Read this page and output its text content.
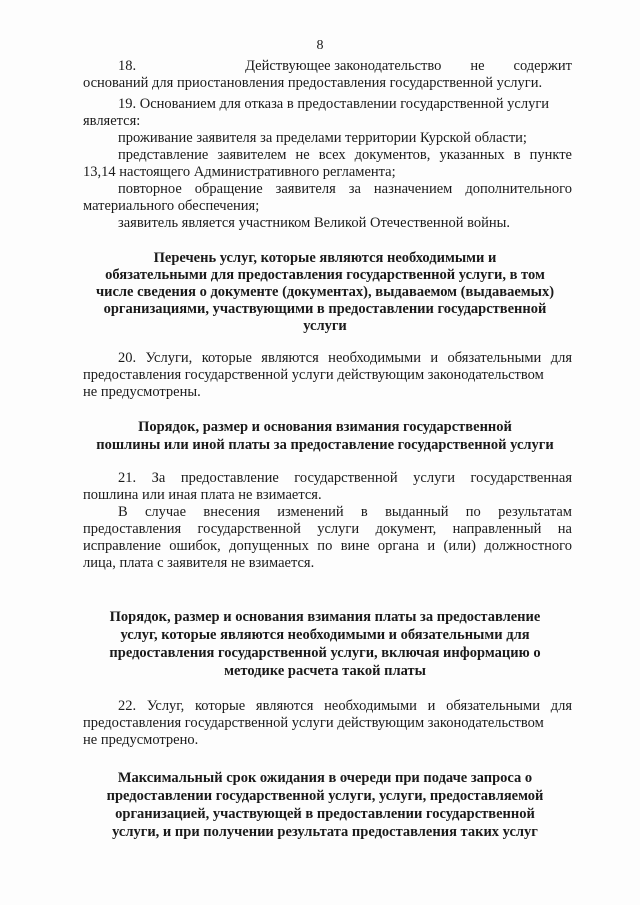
8
18.	Действующее законодательство не содержит
оснований для приостановления предоставления государственной услуги.
19. Основанием для отказа в предоставлении государственной услуги
является:
проживание заявителя за пределами территории Курской области;
представление заявителем не всех документов, указанных в пункте
13,14 настоящего Административного регламента;
повторное обращение заявителя за назначением дополнительного
материального обеспечения;
заявитель является участником Великой Отечественной войны.
Перечень услуг, которые являются необходимыми и
обязательными для предоставления государственной услуги, в том
числе сведения о документе (документах), выдаваемом (выдаваемых)
организациями, участвующими в предоставлении государственной
услуги
20. Услуги, которые являются необходимыми и обязательными для
предоставления государственной услуги действующим законодательством
не предусмотрены.
Порядок, размер и основания взимания государственной
пошлины или иной платы за предоставление государственной услуги
21. За предоставление государственной услуги государственная
пошлина или иная плата не взимается.
В случае внесения изменений в выданный по результатам
предоставления государственной услуги документ, направленный на
исправление ошибок, допущенных по вине органа и (или) должностного
лица, плата с заявителя не взимается.
Порядок, размер и основания взимания платы за предоставление
услуг, которые являются необходимыми и обязательными для
предоставления государственной услуги, включая информацию о
методике расчета такой платы
22. Услуг, которые являются необходимыми и обязательными для
предоставления государственной услуги действующим законодательством
не предусмотрено.
Максимальный срок ожидания в очереди при подаче запроса о
предоставлении государственной услуги, услуги, предоставляемой
организацией, участвующей в предоставлении государственной
услуги, и при получении результата предоставления таких услуг
